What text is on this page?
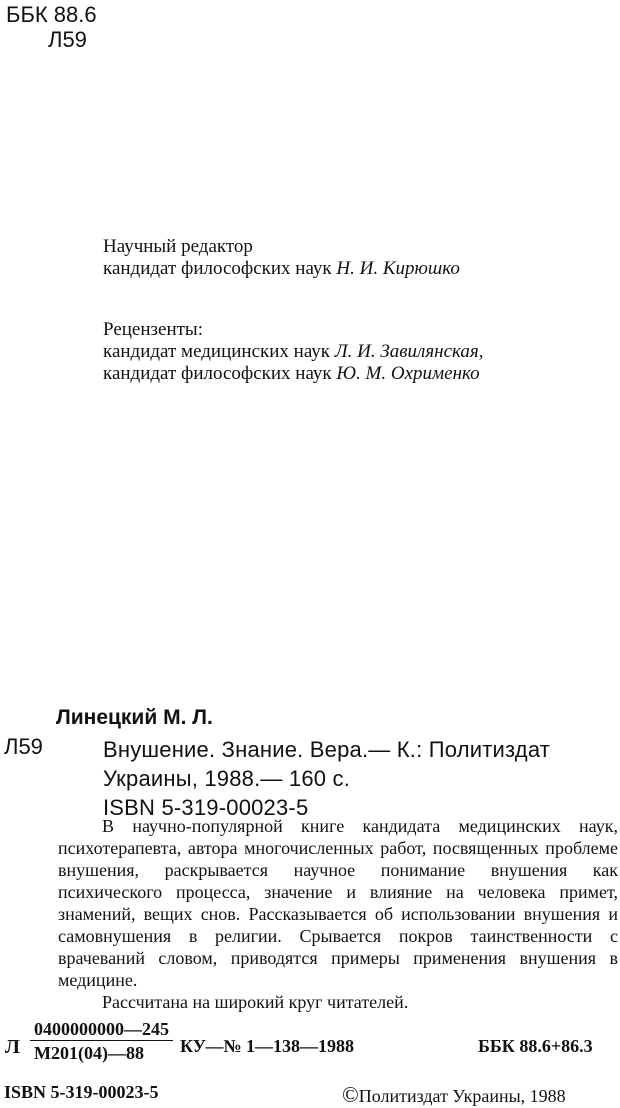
ББК 88.6
Л59
Научный редактор
кандидат философских наук Н. И. Кирюшко
Рецензенты:
кандидат медицинских наук Л. И. Завилянская,
кандидат философских наук Ю. М. Охрименко
Линецкий М. Л.
Л59	Внушение. Знание. Вера.— К.: Политиздат
Украины, 1988.— 160 с.
ISBN 5-319-00023-5

В научно-популярной книге кандидата медицинских наук, психотерапевта, автора многочисленных работ, посвященных проблеме внушения, раскрывается научное понимание внушения как психического процесса, значение и влияние на человека примет, знамений, вещих снов. Рассказывается об использовании внушения и самовнушения в религии. Срывается покров таинственности с врачеваний словом, приводятся примеры применения внушения в медицине.

Рассчитана на широкий круг читателей.

Л
0400000000—245
М201(04)—88	КУ—№ 1—138—1988	ББК 88.6+86.3
ISBN 5-319-00023-5	©Политиздат Украины, 1988
